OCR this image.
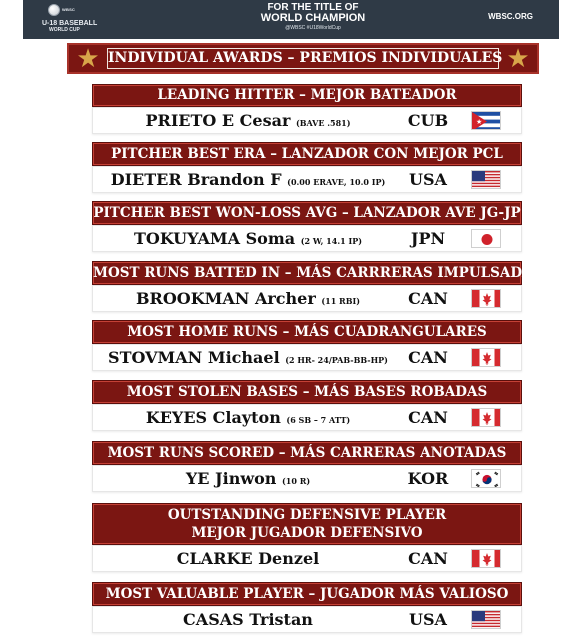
WBSC
U-18 BASEBALL
WORLD CUP
FOR THE TITLE OF
WORLD CHAMPION
@WBSC #U18WorldCup
WBSC.ORG
★ INDIVIDUAL AWARDS – PREMIOS INDIVIDUALES ★
LEADING HITTER – MEJOR BATEADOR
PRIETO E Cesar (BAVE .581)	CUB	★
PITCHER BEST ERA – LANZADOR CON MEJOR PCL
DIETER Brandon F (0.00 ERAVE, 10.0 IP)	USA
PITCHER BEST WON-LOSS AVG – LANZADOR AVE JG-JP
TOKUYAMA Soma (2 W, 14.1 IP)	JPN
MOST RUNS BATTED IN – MÁS CARRRERAS IMPULSADAS
BROOKMAN Archer (11 RBI)	CAN
MOST HOME RUNS – MÁS CUADRANGULARES
STOVMAN Michael (2 HR- 24/PAB-BB-HP)	CAN
MOST STOLEN BASES – MÁS BASES ROBADAS
KEYES Clayton (6 SB – 7 ATT)	CAN
MOST RUNS SCORED – MÁS CARRERAS ANOTADAS
YE Jinwon (10 R)	KOR
OUTSTANDING DEFENSIVE PLAYER
MEJOR JUGADOR DEFENSIVO
CLARKE Denzel	CAN
MOST VALUABLE PLAYER – JUGADOR MÁS VALIOSO
CASAS Tristan	USA
